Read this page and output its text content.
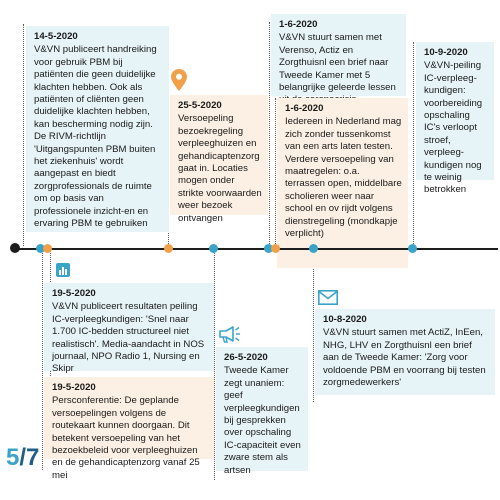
14-5-2020
V&VN publiceert handreiking voor gebruik PBM bij patiënten die geen duidelijke klachten hebben. Ook als patiënten of cliënten geen duidelijke klachten hebben, kan bescherming nodig zijn. De RIVM-richtlijn 'Uitgangspunten PBM buiten het ziekenhuis' wordt aangepast en biedt zorgprofessionals de ruimte om op basis van professionele inzicht-en en ervaring PBM te gebruiken
25-5-2020
Versoepeling bezoekregeling verpleeghuizen en gehandicaptenzorg gaat in. Locaties mogen onder strikte voorwaarden weer bezoek ontvangen
1-6-2020
V&VN stuurt samen met Verenso, Actiz en Zorgthuisnl een brief naar Tweede Kamer met 5 belangrijke geleerde lessen
1-6-2020
Iedereen in Nederland mag zich zonder tussenkomst van een arts laten testen.
Verdere versoepeling van maatregelen: o.a. terrassen open, middelbare scholieren weer naar school en ov rijdt volgens dienstregeling (mondkapje verplicht)
10-9-2020
V&VN-peiling IC-verpleeg-kundigen: voorbereiding opschaling IC's verloopt stroef, verpleeg-kundigen nog te weinig betrokken
19-5-2020
V&VN publiceert resultaten peiling IC-verpleegkundigen: 'Snel naar 1.700 IC-bedden structureel niet realistisch'. Media-aandacht in NOS journaal, NPO Radio 1, Nursing en Skipr
19-5-2020
Persconferentie: De geplande versoepelingen volgens de routekaart kunnen doorgaan. Dit betekent versoepeling van het bezoekbeleid voor verpleeghuizen en de gehandicaptenzorg vanaf 25 mei
26-5-2020
Tweede Kamer zegt unaniem: geef verpleegkundigen bij gesprekken over opschaling IC-capaciteit even zware stem als artsen
10-8-2020
V&VN stuurt samen met ActiZ, InEen, NHG, LHV en Zorgthuisnl een brief aan de Tweede Kamer: 'Zorg voor voldoende PBM en voorrang bij testen zorgmedewerkers'
5/7
